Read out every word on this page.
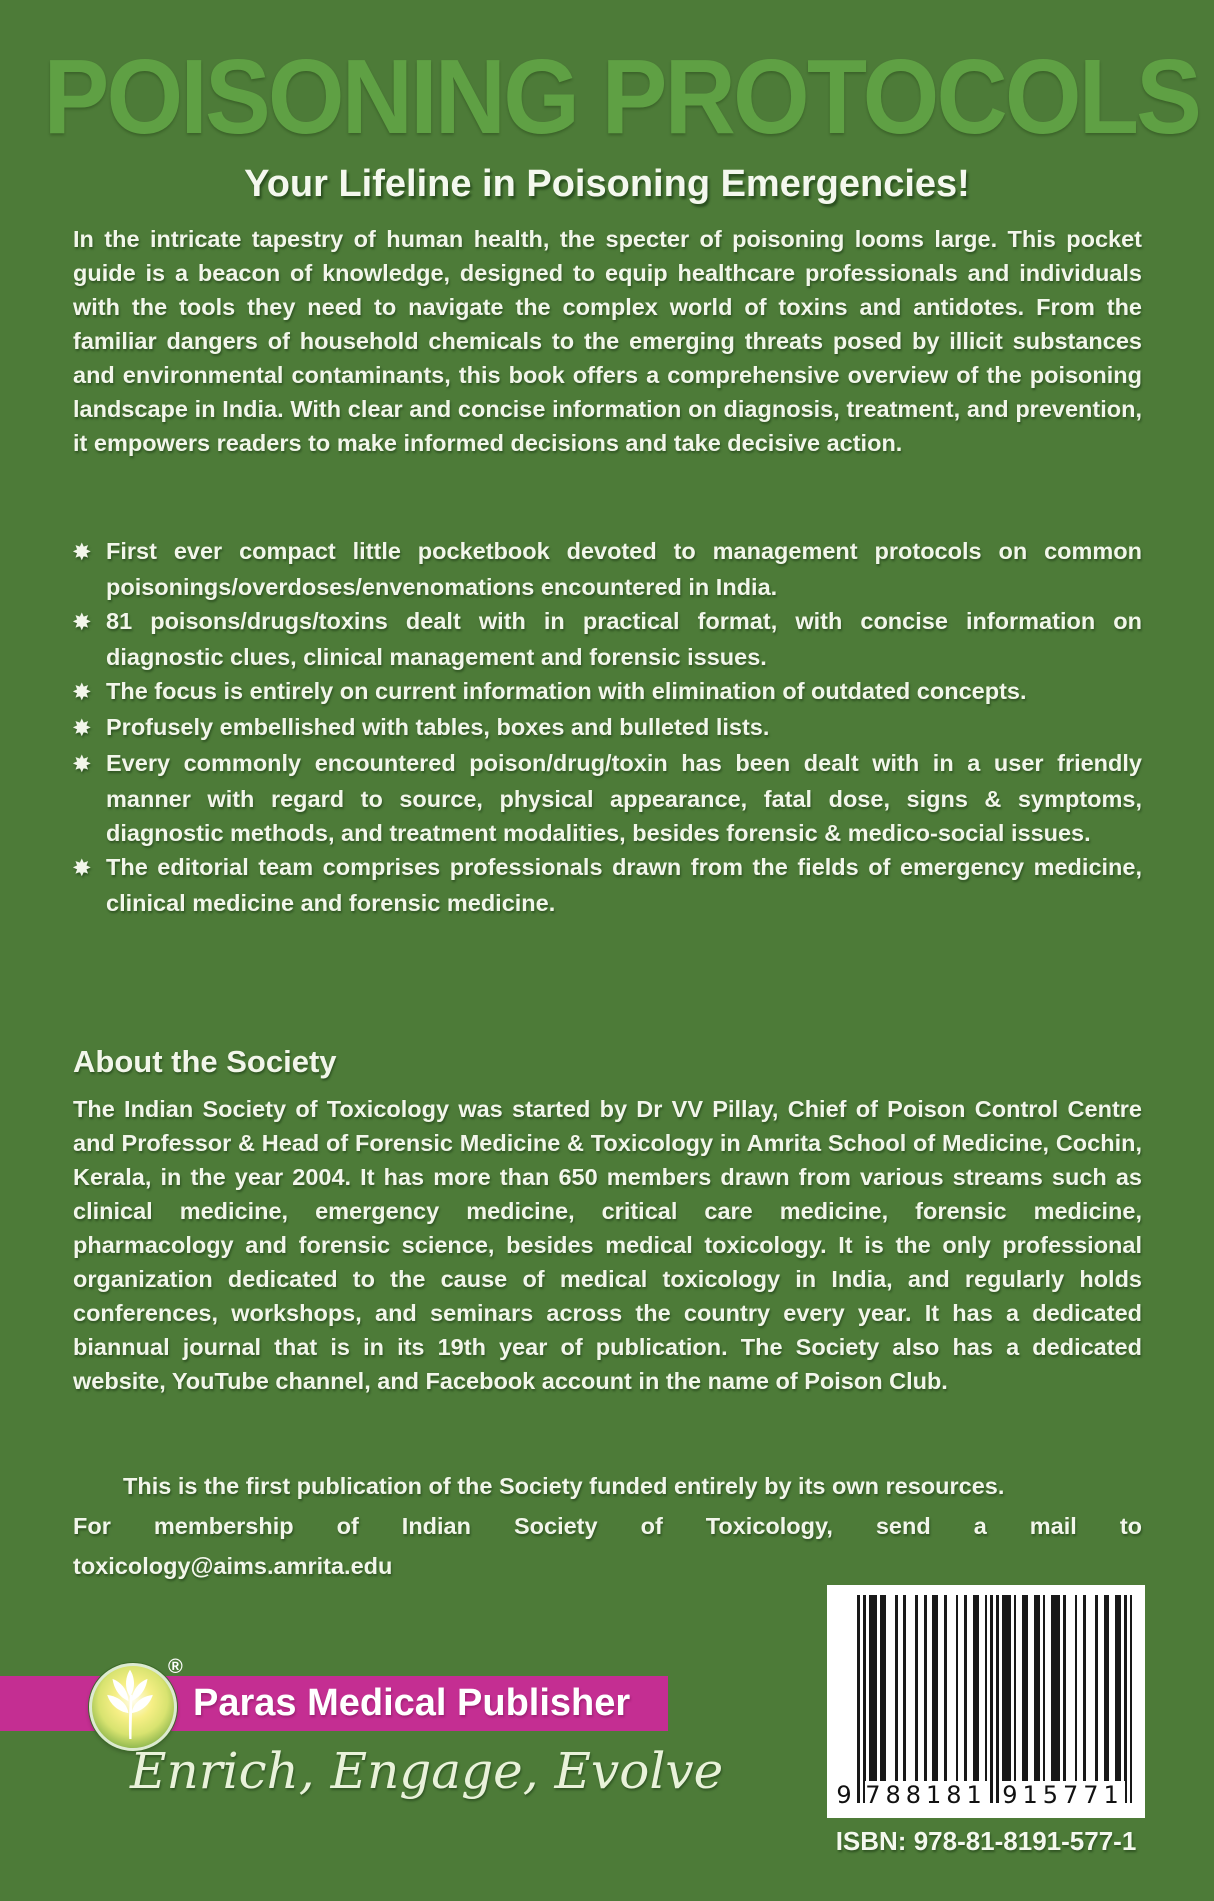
POISONING PROTOCOLS
Your Lifeline in Poisoning Emergencies!
In the intricate tapestry of human health, the specter of poisoning looms large. This pocket guide is a beacon of knowledge, designed to equip healthcare professionals and individuals with the tools they need to navigate the complex world of toxins and antidotes. From the familiar dangers of household chemicals to the emerging threats posed by illicit substances and environmental contaminants, this book offers a comprehensive overview of the poisoning landscape in India. With clear and concise information on diagnosis, treatment, and prevention, it empowers readers to make informed decisions and take decisive action.
✸ First ever compact little pocketbook devoted to management protocols on common poisonings/overdoses/envenomations encountered in India.
✸ 81 poisons/drugs/toxins dealt with in practical format, with concise information on diagnostic clues, clinical management and forensic issues.
✸ The focus is entirely on current information with elimination of outdated concepts.
✸ Profusely embellished with tables, boxes and bulleted lists.
✸ Every commonly encountered poison/drug/toxin has been dealt with in a user friendly manner with regard to source, physical appearance, fatal dose, signs & symptoms, diagnostic methods, and treatment modalities, besides forensic & medico-social issues.
✸ The editorial team comprises professionals drawn from the fields of emergency medicine, clinical medicine and forensic medicine.
About the Society
The Indian Society of Toxicology was started by Dr VV Pillay, Chief of Poison Control Centre and Professor & Head of Forensic Medicine & Toxicology in Amrita School of Medicine, Cochin, Kerala, in the year 2004. It has more than 650 members drawn from various streams such as clinical medicine, emergency medicine, critical care medicine, forensic medicine, pharmacology and forensic science, besides medical toxicology. It is the only professional organization dedicated to the cause of medical toxicology in India, and regularly holds conferences, workshops, and seminars across the country every year. It has a dedicated biannual journal that is in its 19th year of publication. The Society also has a dedicated website, YouTube channel, and Facebook account in the name of Poison Club.
This is the first publication of the Society funded entirely by its own resources.
For membership of Indian Society of Toxicology, send a mail to
toxicology@aims.amrita.edu
®
Paras Medical Publisher
Enrich, Engage, Evolve	9 788181 915771
ISBN: 978-81-8191-577-1
